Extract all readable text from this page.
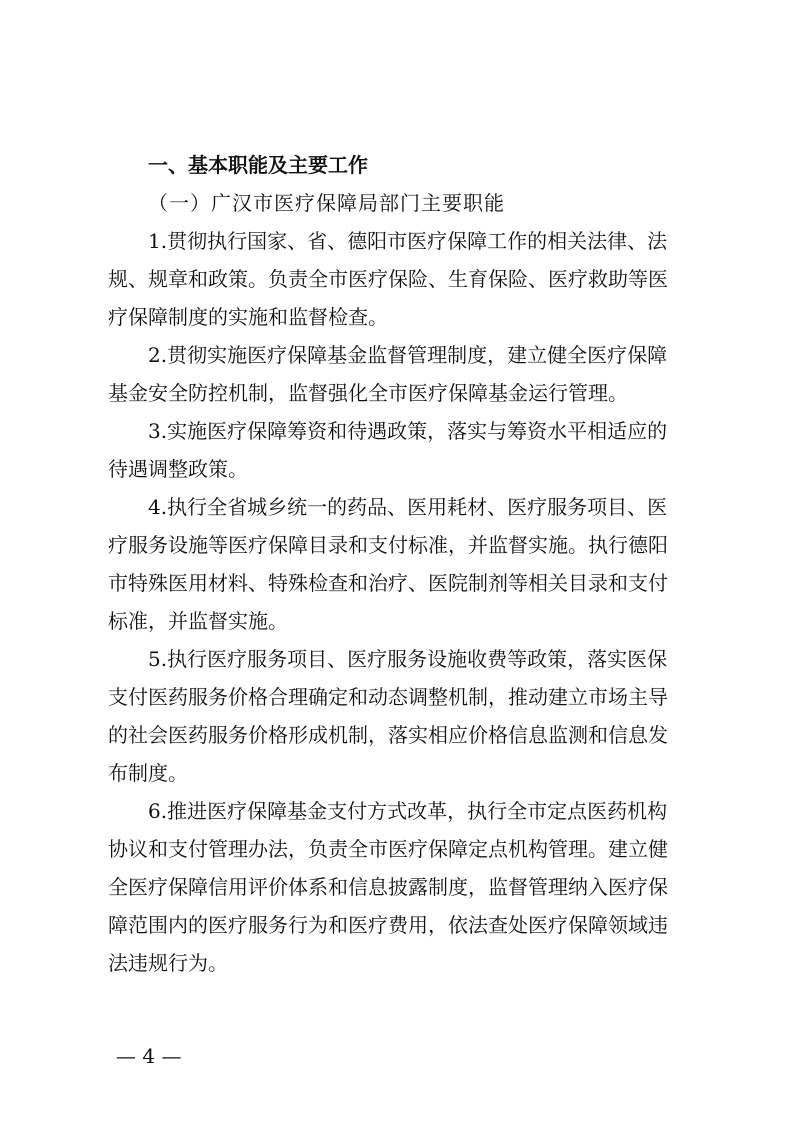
一、基本职能及主要工作
（一）广汉市医疗保障局部门主要职能
1.贯彻执行国家、省、德阳市医疗保障工作的相关法律、法
规、规章和政策。负责全市医疗保险、生育保险、医疗救助等医
疗保障制度的实施和监督检查。
2.贯彻实施医疗保障基金监督管理制度，建立健全医疗保障
基金安全防控机制，监督强化全市医疗保障基金运行管理。
3.实施医疗保障筹资和待遇政策，落实与筹资水平相适应的
待遇调整政策。
4.执行全省城乡统一的药品、医用耗材、医疗服务项目、医
疗服务设施等医疗保障目录和支付标准，并监督实施。执行德阳
市特殊医用材料、特殊检查和治疗、医院制剂等相关目录和支付
标准，并监督实施。
5.执行医疗服务项目、医疗服务设施收费等政策，落实医保
支付医药服务价格合理确定和动态调整机制，推动建立市场主导
的社会医药服务价格形成机制，落实相应价格信息监测和信息发
布制度。
6.推进医疗保障基金支付方式改革，执行全市定点医药机构
协议和支付管理办法，负责全市医疗保障定点机构管理。建立健
全医疗保障信用评价体系和信息披露制度，监督管理纳入医疗保
障范围内的医疗服务行为和医疗费用，依法查处医疗保障领域违
法违规行为。
— 4 —
